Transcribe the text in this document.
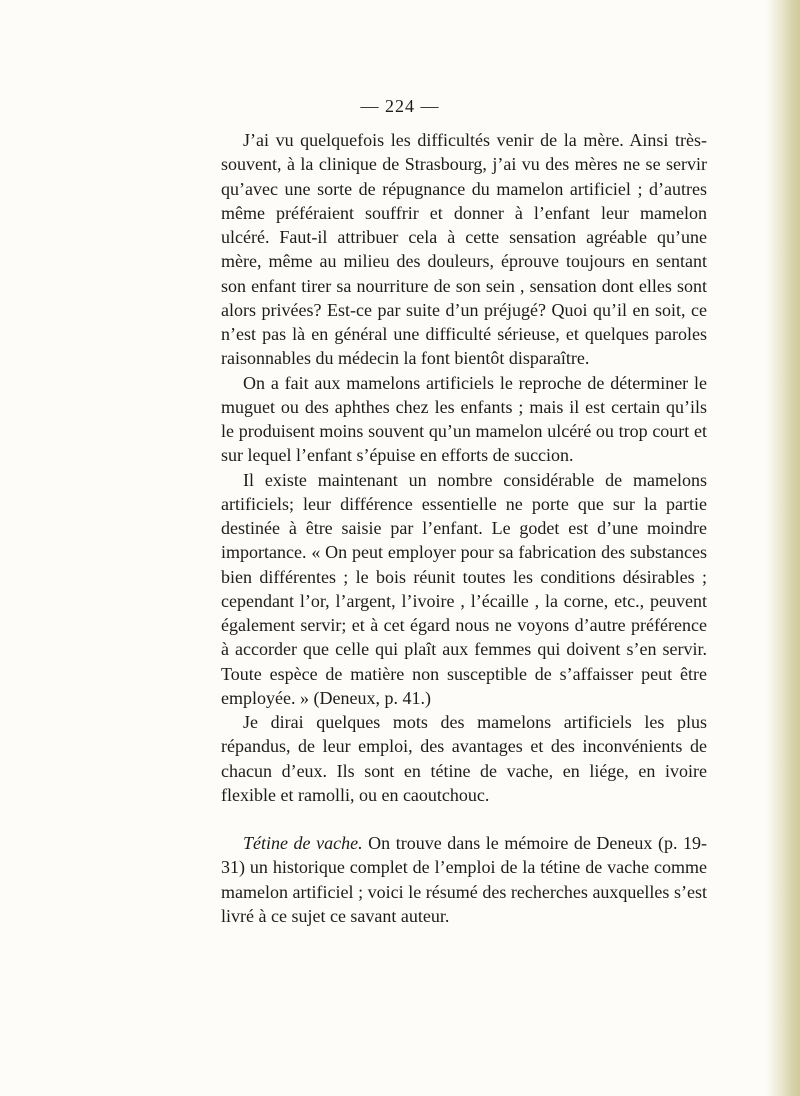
— 224 —

J’ai vu quelquefois les difficultés venir de la mère. Ainsi très-souvent, à la clinique de Strasbourg, j’ai vu des mères ne se servir qu’avec une sorte de répugnance du mamelon artificiel ; d’autres même préféraient souffrir et donner à l’enfant leur mamelon ulcéré. Faut-il attribuer cela à cette sensation agréable qu’une mère, même au milieu des douleurs, éprouve toujours en sentant son enfant tirer sa nourriture de son sein , sensation dont elles sont alors privées? Est-ce par suite d’un préjugé? Quoi qu’il en soit, ce n’est pas là en général une difficulté sérieuse, et quelques paroles raisonnables du médecin la font bientôt disparaître.

On a fait aux mamelons artificiels le reproche de déterminer le muguet ou des aphthes chez les enfants ; mais il est certain qu’ils le produisent moins souvent qu’un mamelon ulcéré ou trop court et sur lequel l’enfant s’épuise en efforts de succion.

Il existe maintenant un nombre considérable de mamelons artificiels; leur différence essentielle ne porte que sur la partie destinée à être saisie par l’enfant. Le godet est d’une moindre importance. « On peut employer pour sa fabrication des substances bien différentes ; le bois réunit toutes les conditions désirables ; cependant l’or, l’argent, l’ivoire , l’écaille , la corne, etc., peuvent également servir; et à cet égard nous ne voyons d’autre préférence à accorder que celle qui plaît aux femmes qui doivent s’en servir. Toute espèce de matière non susceptible de s’affaisser peut être employée. » (Deneux, p. 41.)

Je dirai quelques mots des mamelons artificiels les plus répandus, de leur emploi, des avantages et des inconvénients de chacun d’eux. Ils sont en tétine de vache, en liége, en ivoire flexible et ramolli, ou en caoutchouc.

Tétine de vache. On trouve dans le mémoire de Deneux (p. 19-31) un historique complet de l’emploi de la tétine de vache comme mamelon artificiel ; voici le résumé des recherches auxquelles s’est livré à ce sujet ce savant auteur.
